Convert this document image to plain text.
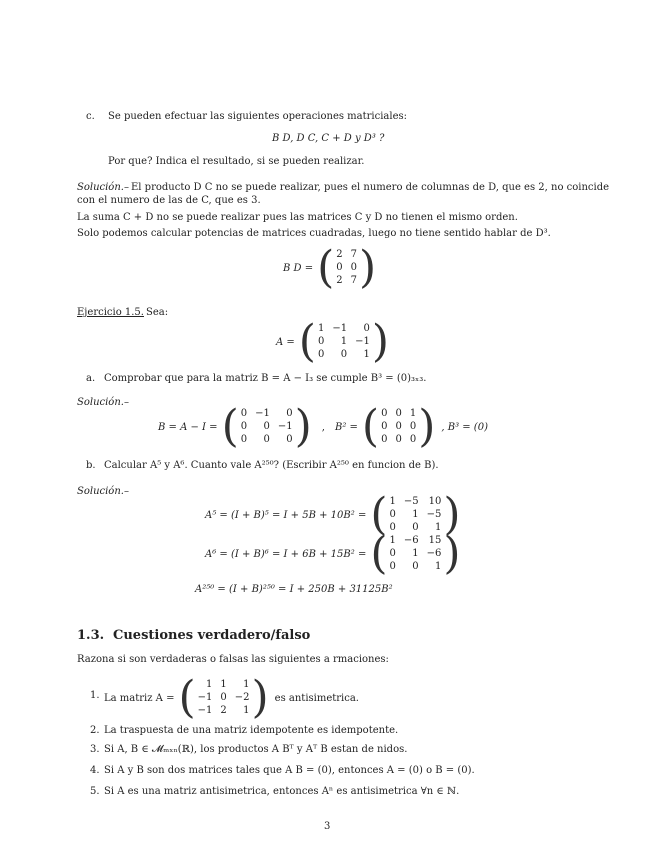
c. Se pueden efectuar las siguientes operaciones matriciales:
B D, D C, C + D y D³ ?
Por que? Indica el resultado, si se pueden realizar.
Solución.– El producto D C no se puede realizar, pues el numero de columnas de D, que es 2, no coincide
con el numero de las de C, que es 3.
La suma C + D no se puede realizar pues las matrices C y D no tienen el mismo orden.
Solo podemos calcular potencias de matrices cuadradas, luego no tiene sentido hablar de D³.
B D = ( 2 7
0 0
2 7 )
Ejercicio 1.5. Sea:
A = ( 1 −1	0
0	1 −1
0	0	1 )
a. Comprobar que para la matriz B = A − I₃ se cumple B³ = (0)₃ₓ₃.
Solución.–
B = A − I = ( 0 −1	0
0	0 −1
0	0	0 ) , B² = ( 0 0 1
0 0 0
0 0 0 ) , B³ = (0)
b. Calcular A⁵ y A⁶. Cuanto vale A²⁵⁰? (Escribir A²⁵⁰ en funcion de B).
Solución.–
A⁵ = (I + B)⁵ = I + 5B + 10B² = ( 1 −5 10
0	1 −5
0	0	1 )
A⁶ = (I + B)⁶ = I + 6B + 15B² = ( 1 −6 15
0	1 −6
0	0	1 )
A²⁵⁰ = (I + B)²⁵⁰ = I + 250B + 31125B²
1.3. Cuestiones verdadero/falso
Razona si son verdaderas o falsas las siguientes a rmaciones:
1. La matriz A = (	1 1	1
−1 0 −2
−1 2	1 ) es antisimetrica.
2. La traspuesta de una matriz idempotente es idempotente.
3. Si A, B ∈ 𝓜ₘₓₙ(ℝ), los productos A Bᵀ y Aᵀ B estan de nidos.
4. Si A y B son dos matrices tales que A B = (0), entonces A = (0) o B = (0).
5. Si A es una matriz antisimetrica, entonces Aⁿ es antisimetrica ∀n ∈ ℕ.
3
